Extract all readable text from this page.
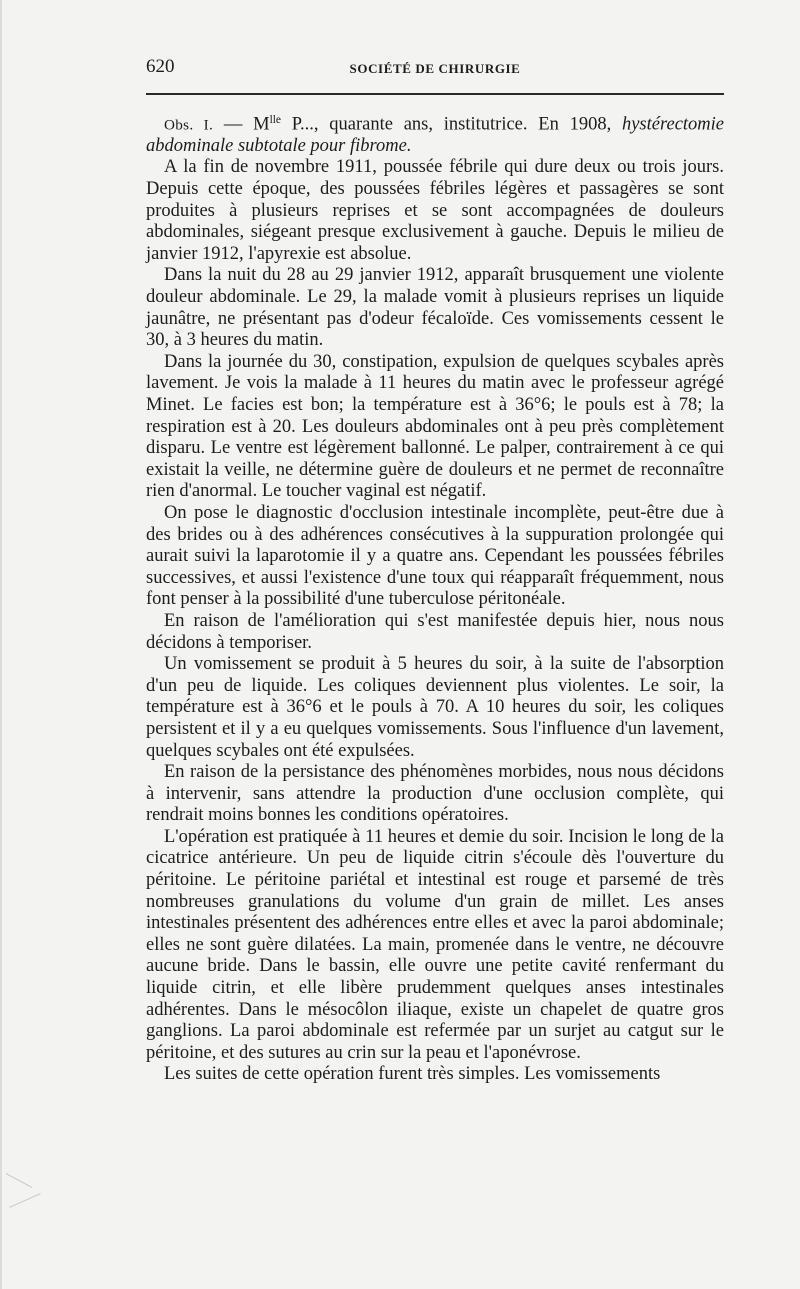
620	SOCIÉTÉ DE CHIRURGIE

Obs. I. — $M^{lle}$ P..., quarante ans, institutrice. En 1908, hystérectomie abdominale subtotale pour fibrome.

A la fin de novembre 1911, poussée fébrile qui dure deux ou trois jours. Depuis cette époque, des poussées fébriles légères et passagères se sont produites à plusieurs reprises et se sont accompagnées de douleurs abdominales, siégeant presque exclusivement à gauche. Depuis le milieu de janvier 1912, l'apyrexie est absolue.

Dans la nuit du 28 au 29 janvier 1912, apparaît brusquement une violente douleur abdominale. Le 29, la malade vomit à plusieurs reprises un liquide jaunâtre, ne présentant pas d'odeur fécaloïde. Ces vomissements cessent le 30, à 3 heures du matin.

Dans la journée du 30, constipation, expulsion de quelques scybales après lavement. Je vois la malade à 11 heures du matin avec le professeur agrégé Minet. Le facies est bon; la température est à 36°6; le pouls est à 78; la respiration est à 20. Les douleurs abdominales ont à peu près complètement disparu. Le ventre est légèrement ballonné. Le palper, contrairement à ce qui existait la veille, ne détermine guère de douleurs et ne permet de reconnaître rien d'anormal. Le toucher vaginal est négatif.

On pose le diagnostic d'occlusion intestinale incomplète, peut-être due à des brides ou à des adhérences consécutives à la suppuration prolongée qui aurait suivi la laparotomie il y a quatre ans. Cependant les poussées fébriles successives, et aussi l'existence d'une toux qui réapparaît fréquemment, nous font penser à la possibilité d'une tuberculose péritonéale.

En raison de l'amélioration qui s'est manifestée depuis hier, nous nous décidons à temporiser.

Un vomissement se produit à 5 heures du soir, à la suite de l'absorption d'un peu de liquide. Les coliques deviennent plus violentes. Le soir, la température est à 36°6 et le pouls à 70. A 10 heures du soir, les coliques persistent et il y a eu quelques vomissements. Sous l'influence d'un lavement, quelques scybales ont été expulsées.

En raison de la persistance des phénomènes morbides, nous nous décidons à intervenir, sans attendre la production d'une occlusion complète, qui rendrait moins bonnes les conditions opératoires.

L'opération est pratiquée à 11 heures et demie du soir. Incision le long de la cicatrice antérieure. Un peu de liquide citrin s'écoule dès l'ouverture du péritoine. Le péritoine pariétal et intestinal est rouge et parsemé de très nombreuses granulations du volume d'un grain de millet. Les anses intestinales présentent des adhérences entre elles et avec la paroi abdominale; elles ne sont guère dilatées. La main, promenée dans le ventre, ne découvre aucune bride. Dans le bassin, elle ouvre une petite cavité renfermant du liquide citrin, et elle libère prudemment quelques anses intestinales adhérentes. Dans le mésocôlon iliaque, existe un chapelet de quatre gros ganglions. La paroi abdominale est refermée par un surjet au catgut sur le péritoine, et des sutures au crin sur la peau et l'aponévrose.

Les suites de cette opération furent très simples. Les vomissements
